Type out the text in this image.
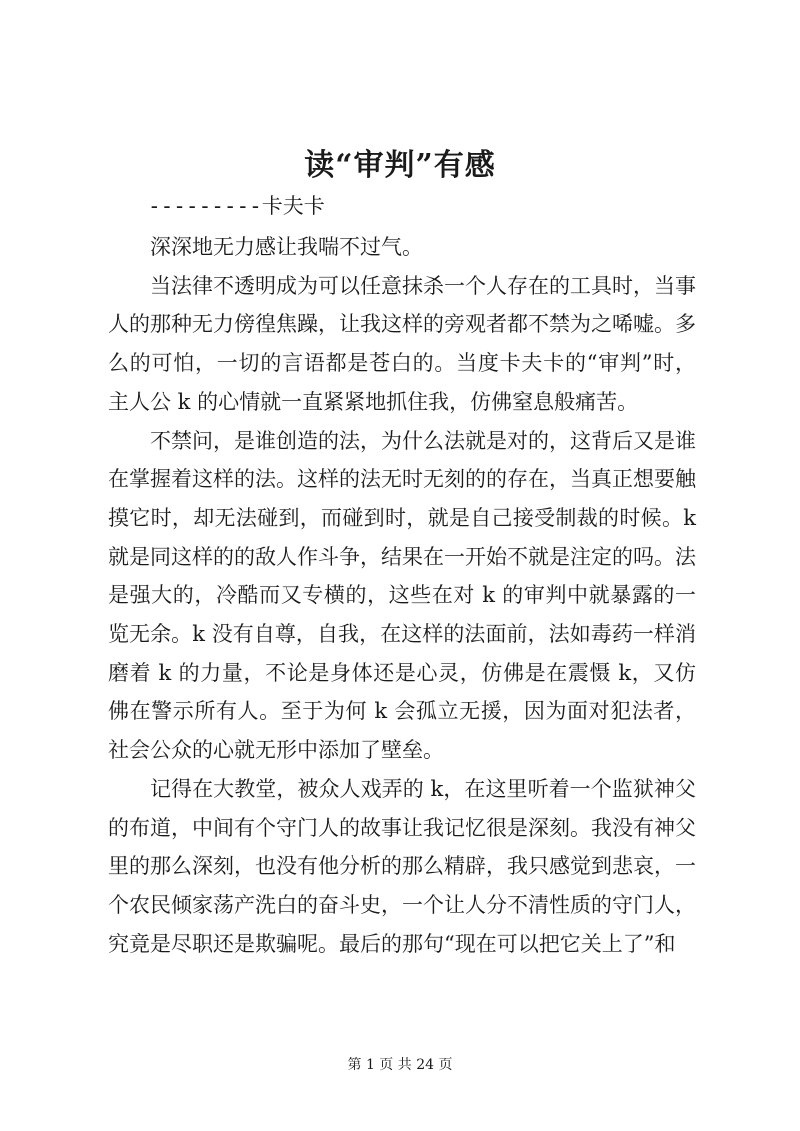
读“审判”有感
---------卡夫卡

深深地无力感让我喘不过气。

当法律不透明成为可以任意抹杀一个人存在的工具时，当事人的那种无力傍徨焦躁，让我这样的旁观者都不禁为之唏嘘。多么的可怕，一切的言语都是苍白的。当度卡夫卡的“审判”时，主人公 k 的心情就一直紧紧地抓住我，仿佛窒息般痛苦。

不禁问，是谁创造的法，为什么法就是对的，这背后又是谁在掌握着这样的法。这样的法无时无刻的的存在，当真正想要触摸它时，却无法碰到，而碰到时，就是自己接受制裁的时候。k 就是同这样的的敌人作斗争，结果在一开始不就是注定的吗。法是强大的，冷酷而又专横的，这些在对 k 的审判中就暴露的一览无余。k 没有自尊，自我，在这样的法面前，法如毒药一样消磨着 k 的力量，不论是身体还是心灵，仿佛是在震慑 k，又仿佛在警示所有人。至于为何 k 会孤立无援，因为面对犯法者，社会公众的心就无形中添加了壁垒。

记得在大教堂，被众人戏弄的 k，在这里听着一个监狱神父的布道，中间有个守门人的故事让我记忆很是深刻。我没有神父里的那么深刻，也没有他分析的那么精辟，我只感觉到悲哀，一个农民倾家荡产洗白的奋斗史，一个让人分不清性质的守门人，究竟是尽职还是欺骗呢。最后的那句“现在可以把它关上了”和

第 1 页 共 24 页
